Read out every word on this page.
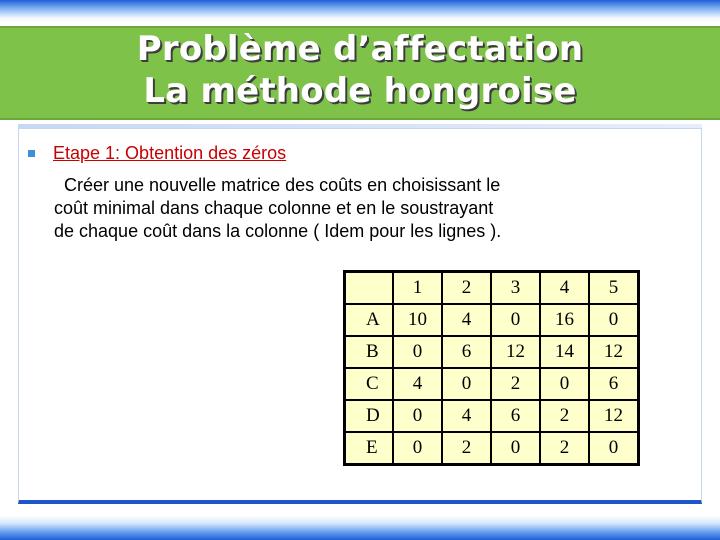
Problème d’affectation
La méthode hongroise
Etape 1: Obtention des zéros
Créer une nouvelle matrice des coûts en choisissant le
coût minimal dans chaque colonne et en le soustrayant
de chaque coût dans la colonne ( Idem pour les lignes ).
	1	2	3	4	5
A	10	4	0	16	0
B	0	6	12	14	12
C	4	0	2	0	6
D	0	4	6	2	12
E	0	2	0	2	0
